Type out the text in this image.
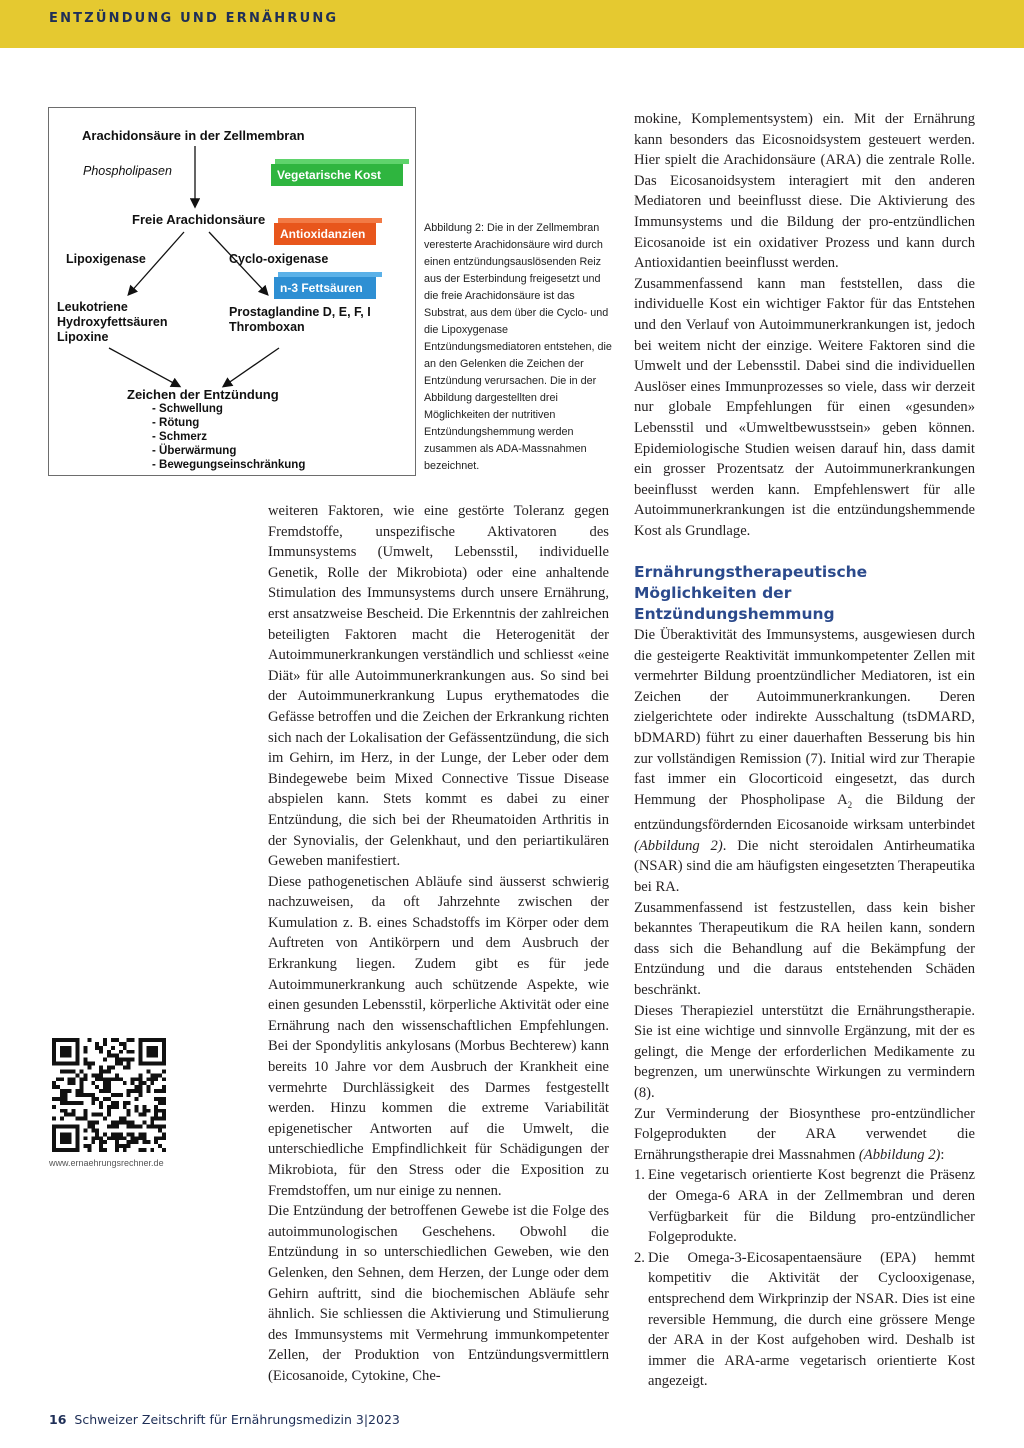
ENTZÜNDUNG UND ERNÄHRUNG
Arachidonsäure in der Zellmembran
Phospholipasen	Vegetarische Kost
Freie Arachidonsäure
Antioxidanzien
Lipoxigenase	Cyclo-oxigenase
n-3 Fettsäuren
Leukotriene
Hydroxyfettsäuren
Lipoxine
Prostaglandine D, E, F, I
Thromboxan
Zeichen der Entzündung
- Schwellung
- Rötung
- Schmerz
- Überwärmung
- Bewegungseinschränkung
Abbildung 2: Die in der Zellmembran veresterte Arachidonsäure wird durch einen entzündungsauslösenden Reiz aus der Esterbindung freigesetzt und die freie Arachidonsäure ist das Substrat, aus dem über die Cyclo- und die Lipoxygenase Entzündungsmediatoren entstehen, die an den Gelenken die Zeichen der Entzündung verursachen. Die in der Abbildung dargestellten drei Möglichkeiten der nutritiven Entzündungshemmung werden zusammen als ADA-Massnahmen bezeichnet.

weiteren Faktoren, wie eine gestörte Toleranz gegen Fremdstoffe, unspezifische Aktivatoren des Immunsystems (Umwelt, Lebensstil, individuelle Genetik, Rolle der Mikrobiota) oder eine anhaltende Stimulation des Immunsystems durch unsere Ernährung, erst ansatzweise Bescheid. Die Erkenntnis der zahlreichen beteiligten Faktoren macht die Heterogenität der Autoimmunerkrankungen verständlich und schliesst «eine Diät» für alle Autoimmunerkrankungen aus. So sind bei der Autoimmunerkrankung Lupus erythematodes die Gefässe betroffen und die Zeichen der Erkrankung richten sich nach der Lokalisation der Gefässentzündung, die sich im Gehirn, im Herz, in der Lunge, der Leber oder dem Bindegewebe beim Mixed Connective Tissue Disease abspielen kann. Stets kommt es dabei zu einer Entzündung, die sich bei der Rheumatoiden Arthritis in der Synovialis, der Gelenkhaut, und den periartikulären Geweben manifestiert.

Diese pathogenetischen Abläufe sind äusserst schwierig nachzuweisen, da oft Jahrzehnte zwischen der Kumulation z. B. eines Schadstoffs im Körper oder dem Auftreten von Antikörpern und dem Ausbruch der Erkrankung liegen. Zudem gibt es für jede Autoimmunerkrankung auch schützende Aspekte, wie einen gesunden Lebensstil, körperliche Aktivität oder eine Ernährung nach den wissenschaftlichen Empfehlungen. Bei der Spondylitis ankylosans (Morbus Bechterew) kann bereits 10 Jahre vor dem Ausbruch der Krankheit eine vermehrte Durchlässigkeit des Darmes festgestellt werden. Hinzu kommen die extreme Variabilität epigenetischer Antworten auf die Umwelt, die unterschiedliche Empfindlichkeit für Schädigungen der Mikrobiota, für den Stress oder die Exposition zu Fremdstoffen, um nur einige zu nennen.

Die Entzündung der betroffenen Gewebe ist die Folge des autoimmunologischen Geschehens. Obwohl die Entzündung in so unterschiedlichen Geweben, wie den Gelenken, den Sehnen, dem Herzen, der Lunge oder dem Gehirn auftritt, sind die biochemischen Abläufe sehr ähnlich. Sie schliessen die Aktivierung und Stimulierung des Immunsystems mit Vermehrung immunkompetenter Zellen, der Produktion von Entzündungsvermittlern (Eicosanoide, Cytokine, Che-

mokine, Komplementsystem) ein. Mit der Ernährung kann besonders das Eicosnoidsystem gesteuert werden. Hier spielt die Arachidonsäure (ARA) die zentrale Rolle. Das Eicosanoidsystem interagiert mit den anderen Mediatoren und beeinflusst diese. Die Aktivierung des Immunsystems und die Bildung der pro-entzündlichen Eicosanoide ist ein oxidativer Prozess und kann durch Antioxidantien beeinflusst werden.

Zusammenfassend kann man feststellen, dass die individuelle Kost ein wichtiger Faktor für das Entstehen und den Verlauf von Autoimmunerkrankungen ist, jedoch bei weitem nicht der einzige. Weitere Faktoren sind die Umwelt und der Lebensstil. Dabei sind die individuellen Auslöser eines Immunprozesses so viele, dass wir derzeit nur globale Empfehlungen für einen «gesunden» Lebensstil und «Umweltbewusstsein» geben können. Epidemiologische Studien weisen darauf hin, dass damit ein grosser Prozentsatz der Autoimmunerkrankungen beeinflusst werden kann. Empfehlenswert für alle Autoimmunerkrankungen ist die entzündungshemmende Kost als Grundlage.

Ernährungstherapeutische Möglichkeiten der Entzündungshemmung

Die Überaktivität des Immunsystems, ausgewiesen durch die gesteigerte Reaktivität immunkompetenter Zellen mit vermehrter Bildung proentzündlicher Mediatoren, ist ein Zeichen der Autoimmunerkrankungen. Deren zielgerichtete oder indirekte Ausschaltung (tsDMARD, bDMARD) führt zu einer dauerhaften Besserung bis hin zur vollständigen Remission (7). Initial wird zur Therapie fast immer ein Glocorticoid eingesetzt, das durch Hemmung der Phospholipase $A_2$ die Bildung der entzündungsfördernden Eicosanoide wirksam unterbindet (Abbildung 2). Die nicht steroidalen Antirheumatika (NSAR) sind die am häufigsten eingesetzten Therapeutika bei RA.

Zusammenfassend ist festzustellen, dass kein bisher bekanntes Therapeutikum die RA heilen kann, sondern dass sich die Behandlung auf die Bekämpfung der Entzündung und die daraus entstehenden Schäden beschränkt.

Dieses Therapieziel unterstützt die Ernährungstherapie. Sie ist eine wichtige und sinnvolle Ergänzung, mit der es gelingt, die Menge der erforderlichen Medikamente zu begrenzen, um unerwünschte Wirkungen zu vermindern (8).

Zur Verminderung der Biosynthese pro-entzündlicher Folgeprodukten der ARA verwendet die Ernährungstherapie drei Massnahmen (Abbildung 2):

1. Eine vegetarisch orientierte Kost begrenzt die Präsenz der Omega-6 ARA in der Zellmembran und deren Verfügbarkeit für die Bildung pro-entzündlicher Folgeprodukte.
2. Die Omega-3-Eicosapentaensäure (EPA) hemmt kompetitiv die Aktivität der Cyclooxigenase, entsprechend dem Wirkprinzip der NSAR. Dies ist eine reversible Hemmung, die durch eine grössere Menge der ARA in der Kost aufgehoben wird. Deshalb ist immer die ARA-arme vegetarisch orientierte Kost angezeigt.
www.ernaehrungsrechner.de
16 Schweizer Zeitschrift für Ernährungsmedizin 3|2023
